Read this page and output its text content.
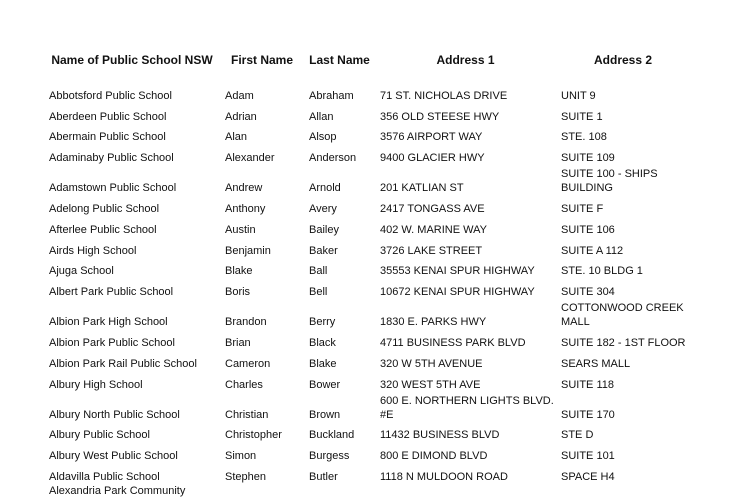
Name of Public School NSW	First Name	Last Name	Address 1	Address 2
Abbotsford Public School	Adam	Abraham	71 ST. NICHOLAS DRIVE	UNIT 9
Aberdeen Public School	Adrian	Allan	356 OLD STEESE HWY	SUITE 1
Abermain Public School	Alan	Alsop	3576 AIRPORT WAY	STE. 108
Adaminaby Public School	Alexander	Anderson	9400 GLACIER HWY	SUITE 109
Adamstown Public School	Andrew	Arnold	201 KATLIAN ST	SUITE 100 - SHIPS BUILDING
Adelong Public School	Anthony	Avery	2417 TONGASS AVE	SUITE F
Afterlee Public School	Austin	Bailey	402 W. MARINE WAY	SUITE 106
Airds High School	Benjamin	Baker	3726 LAKE STREET	SUITE A 112
Ajuga School	Blake	Ball	35553 KENAI SPUR HIGHWAY	STE. 10 BLDG 1
Albert Park Public School	Boris	Bell	10672 KENAI SPUR HIGHWAY	SUITE 304
Albion Park High School	Brandon	Berry	1830 E. PARKS HWY	COTTONWOOD CREEK MALL
Albion Park Public School	Brian	Black	4711 BUSINESS PARK BLVD	SUITE 182 - 1ST FLOOR
Albion Park Rail Public School	Cameron	Blake	320 W 5TH AVENUE	SEARS MALL
Albury High School	Charles	Bower	320 WEST 5TH AVE	SUITE 118
Albury North Public School	Christian	Brown	600 E. NORTHERN LIGHTS BLVD. #E	SUITE 170
Albury Public School	Christopher	Buckland	11432 BUSINESS BLVD	STE D
Albury West Public School	Simon	Burgess	800 E DIMOND BLVD	SUITE 101
Aldavilla Public School	Stephen	Butler	1118 N MULDOON ROAD	SPACE H4
Alexandria Park Community				
